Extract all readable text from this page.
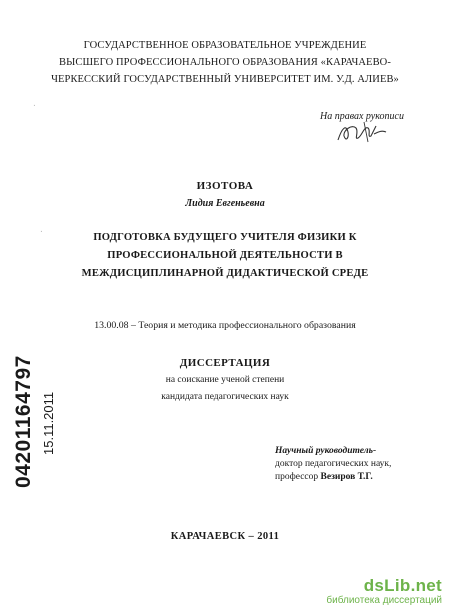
ГОСУДАРСТВЕННОЕ ОБРАЗОВАТЕЛЬНОЕ УЧРЕЖДЕНИЕ
ВЫСШЕГО ПРОФЕССИОНАЛЬНОГО ОБРАЗОВАНИЯ «КАРАЧАЕВО-
ЧЕРКЕССКИЙ ГОСУДАРСТВЕННЫЙ УНИВЕРСИТЕТ ИМ. У.Д. АЛИЕВ»
На правах рукописи
ИЗОТОВА
Лидия Евгеньевна
ПОДГОТОВКА БУДУЩЕГО УЧИТЕЛЯ ФИЗИКИ К
ПРОФЕССИОНАЛЬНОЙ ДЕЯТЕЛЬНОСТИ В
МЕЖДИСЦИПЛИНАРНОЙ ДИДАКТИЧЕСКОЙ СРЕДЕ
13.00.08 – Теория и методика профессионального образования
ДИССЕРТАЦИЯ
на соискание ученой степени
кандидата педагогических наук
Научный руководитель-
доктор педагогических наук,
профессор Везиров Т.Г.
КАРАЧАЕВСК – 2011
04201164797 15.11.2011
ˈ
ˈ
dsLib.net
библиотека диссертаций
